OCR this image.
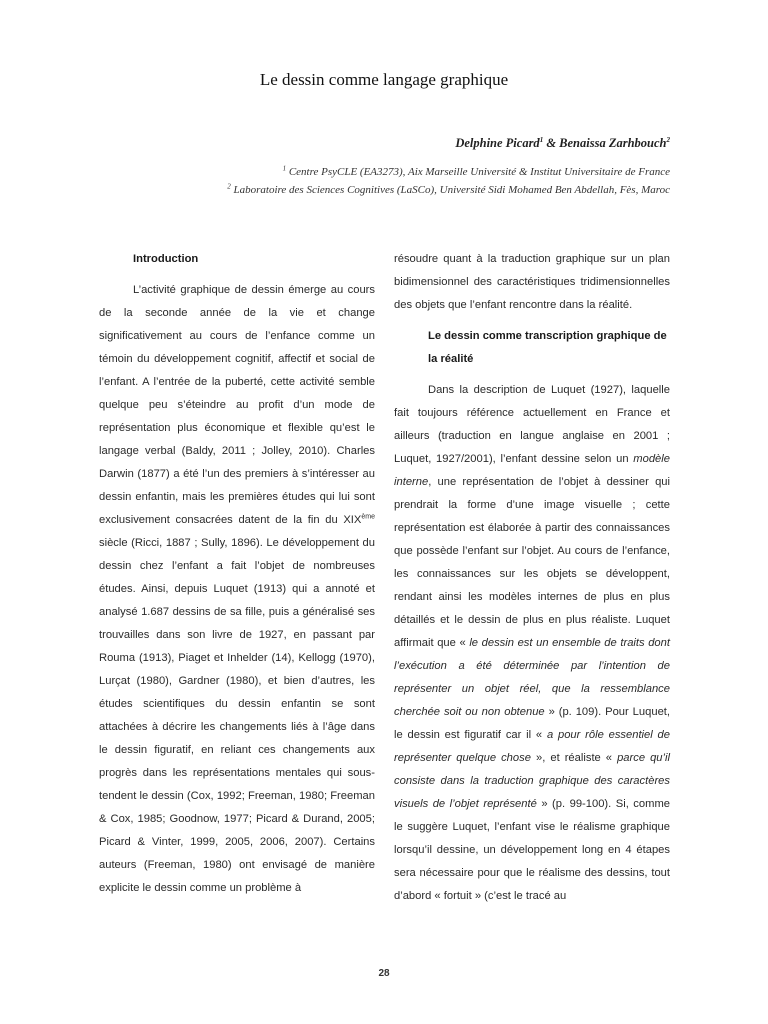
Le dessin comme langage graphique
Delphine Picard$^1$ & Benaissa Zarhbouch$^2$
$^1$ Centre PsyCLE (EA3273), Aix Marseille Université & Institut Universitaire de France
$^2$ Laboratoire des Sciences Cognitives (LaSCo), Université Sidi Mohamed Ben Abdellah, Fès, Maroc

Introduction

L’activité graphique de dessin émerge au cours de la seconde année de la vie et change significativement au cours de l’enfance comme un témoin du développement cognitif, affectif et social de l’enfant. A l’entrée de la puberté, cette activité semble quelque peu s’éteindre au profit d’un mode de représentation plus économique et flexible qu’est le langage verbal (Baldy, 2011 ; Jolley, 2010). Charles Darwin (1877) a été l’un des premiers à s’intéresser au dessin enfantin, mais les premières études qui lui sont exclusivement consacrées datent de la fin du XIXème siècle (Ricci, 1887 ; Sully, 1896). Le développement du dessin chez l’enfant a fait l’objet de nombreuses études. Ainsi, depuis Luquet (1913) qui a annoté et analysé 1.687 dessins de sa fille, puis a généralisé ses trouvailles dans son livre de 1927, en passant par Rouma (1913), Piaget et Inhelder (14), Kellogg (1970), Lurçat (1980), Gardner (1980), et bien d’autres, les études scientifiques du dessin enfantin se sont attachées à décrire les changements liés à l’âge dans le dessin figuratif, en reliant ces changements aux progrès dans les représentations mentales qui sous-tendent le dessin (Cox, 1992; Freeman, 1980; Freeman & Cox, 1985; Goodnow, 1977; Picard & Durand, 2005; Picard & Vinter, 1999, 2005, 2006, 2007). Certains auteurs (Freeman, 1980) ont envisagé de manière explicite le dessin comme un problème à

résoudre quant à la traduction graphique sur un plan bidimensionnel des caractéristiques tridimensionnelles des objets que l’enfant rencontre dans la réalité.

Le dessin comme transcription graphique de la réalité

Dans la description de Luquet (1927), laquelle fait toujours référence actuellement en France et ailleurs (traduction en langue anglaise en 2001 ; Luquet, 1927/2001), l’enfant dessine selon un modèle interne, une représentation de l’objet à dessiner qui prendrait la forme d’une image visuelle ; cette représentation est élaborée à partir des connaissances que possède l’enfant sur l’objet. Au cours de l’enfance, les connaissances sur les objets se développent, rendant ainsi les modèles internes de plus en plus détaillés et le dessin de plus en plus réaliste. Luquet affirmait que « le dessin est un ensemble de traits dont l’exécution a été déterminée par l’intention de représenter un objet réel, que la ressemblance cherchée soit ou non obtenue » (p. 109). Pour Luquet, le dessin est figuratif car il « a pour rôle essentiel de représenter quelque chose », et réaliste « parce qu’il consiste dans la traduction graphique des caractères visuels de l’objet représenté » (p. 99-100). Si, comme le suggère Luquet, l’enfant vise le réalisme graphique lorsqu’il dessine, un développement long en 4 étapes sera nécessaire pour que le réalisme des dessins, tout d’abord « fortuit » (c’est le tracé au

28
